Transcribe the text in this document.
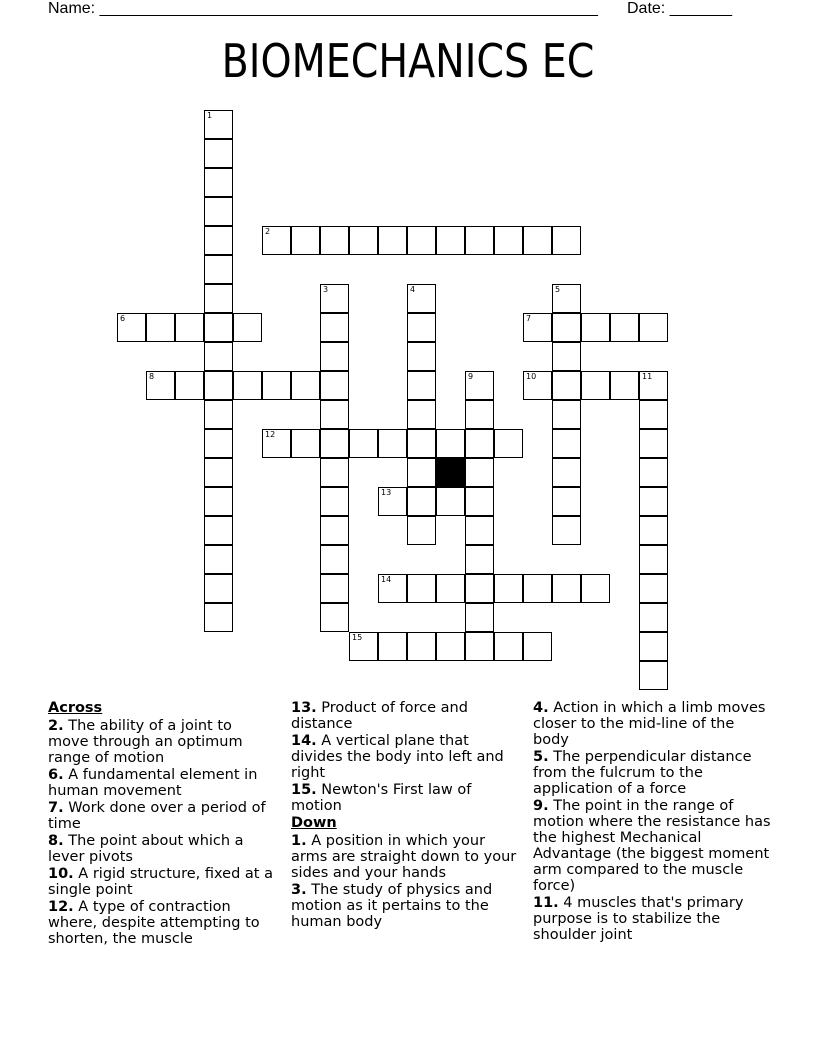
Name: ________________________________________________________ Date: _______
BIOMECHANICS EC
1
2
3	4	5
6	7
8	9	10	11
12
13
14
15
Across
2. The ability of a joint to move through an optimum range of motion
6. A fundamental element in human movement
7. Work done over a period of time
8. The point about which a lever pivots
10. A rigid structure, fixed at a single point
12. A type of contraction where, despite attempting to shorten, the muscle
13. Product of force and distance
14. A vertical plane that divides the body into left and right
15. Newton's First law of motion
Down
1. A position in which your arms are straight down to your sides and your hands
3. The study of physics and motion as it pertains to the human body
4. Action in which a limb moves closer to the mid-line of the body
5. The perpendicular distance from the fulcrum to the application of a force
9. The point in the range of motion where the resistance has the highest Mechanical Advantage (the biggest moment arm compared to the muscle force)
11. 4 muscles that's primary purpose is to stabilize the shoulder joint
